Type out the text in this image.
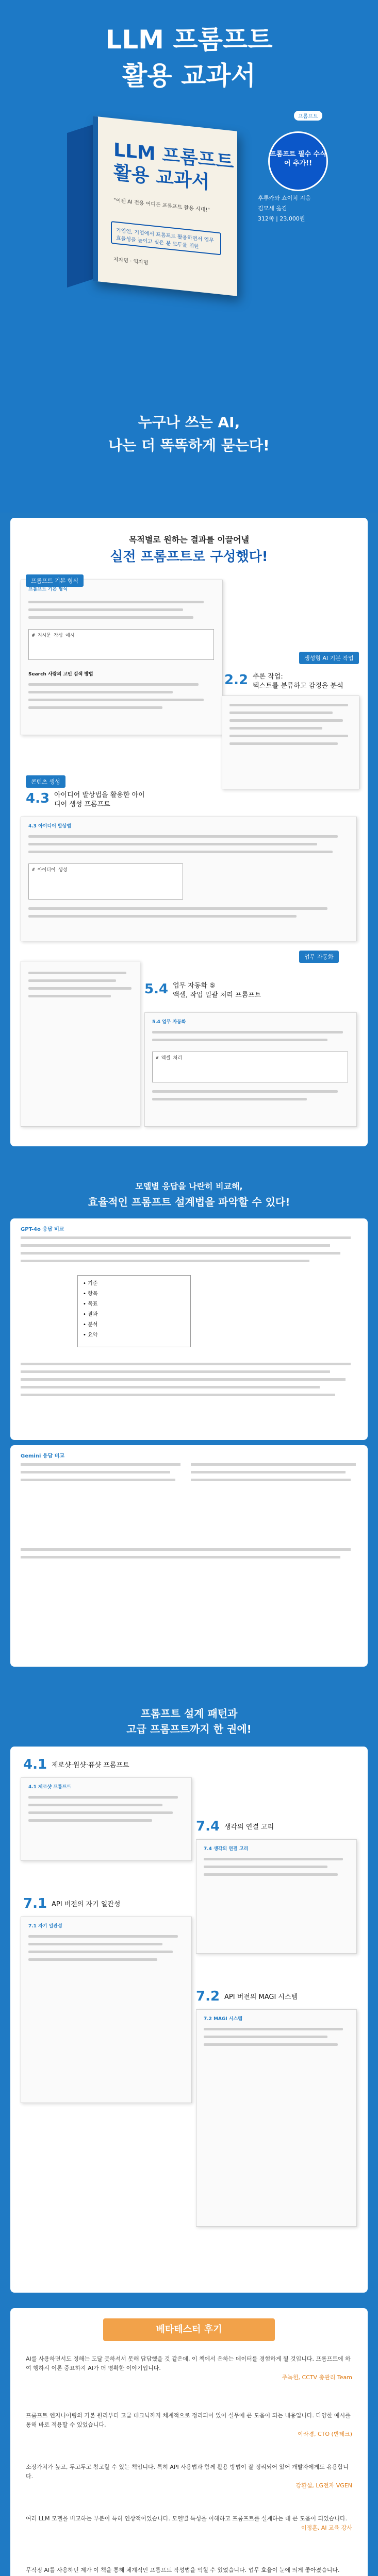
LLM 프롬프트
활용 교과서
프롬프트
LLM 프롬프트 활용 교과서
"이젠 AI 전용 어디든 프롬프트 활용 시대!"
기업인, 기업에서 프롬프트 활용하면서 업무 효율성을 높이고 싶은 분 모두를 위한
저자명 · 역자명
프롬프트 필수 수식어 추가!!
후루카와 쇼이치 지음
김모세 옮김
312쪽 | 23,000원
누구나 쓰는 AI,
나는 더 똑똑하게 묻는다!
목적별로 원하는 결과를 이끌어낼
실전 프롬프트로 구성했다!
프롬프트 기본 형식
# 지시문 작성 예시
Search 사람의 고민 검색 방법
프롬프트 기본 형식
생성형 AI 기본 작업
2.2 추론 작업:
텍스트를 분류하고 감정을 분석
콘텐츠 생성
4.3 아이디어 발상법을 활용한 아이디어 생성 프롬프트
4.3 아이디어 발상법
# 아이디어 생성
업무 자동화
5.4 업무 자동화 ⑤
액셀, 작업 일괄 처리 프롬프트
5.4 업무 자동화
# 엑셀 처리
모델별 응답을 나란히 비교해,
효율적인 프롬프트 설계법을 파악할 수 있다!
GPT-4o 응답 비교
• 기준
• 항목
• 목표
• 결과
• 분석
• 요약
Gemini 응답 비교
프롬프트 설계 패턴과
고급 프롬프트까지 한 권에!
4.1 제로샷·원샷·퓨샷 프롬프트
4.1 제로샷 프롬프트
7.4 생각의 연결 고리
7.4 생각의 연결 고리
7.1 API 버전의 자기 일관성
7.1 자기 일관성
7.2 API 버전의 MAGI 시스템
7.2 MAGI 시스템
베타테스터 후기
AI를 사용하면서도 정해는 도달 못하셔서 못해 답답했을 것 같은데, 이 책에서 은하는 데이터를 경험하게 될 것입니다. 프롬프트에 하여 행하시 이론 중요하지 AI가 더 명확한 이야기입니다.
주녹헌, CCTV 총관리 Team
프롬프트 엔지니어링의 기본 원리부터 고급 테크닉까지 체계적으로 정리되어 있어 실무에 큰 도움이 되는 내용입니다. 다양한 예시를 통해 바로 적용할 수 있었습니다.
이라경, CTO (반테크)
소장가치가 높고, 두고두고 참고할 수 있는 책입니다. 특히 API 사용법과 함께 활용 방법이 잘 정리되어 있어 개발자에게도 유용합니다.
강환섭, LG전자 VGEN
여러 LLM 모델을 비교하는 부분이 특히 인상적이었습니다. 모델별 특성을 이해하고 프롬프트를 설계하는 데 큰 도움이 되었습니다.
이정훈, AI 교육 강사
무작정 AI를 사용하던 제가 이 책을 통해 체계적인 프롬프트 작성법을 익힐 수 있었습니다. 업무 효율이 눈에 띄게 좋아졌습니다.
